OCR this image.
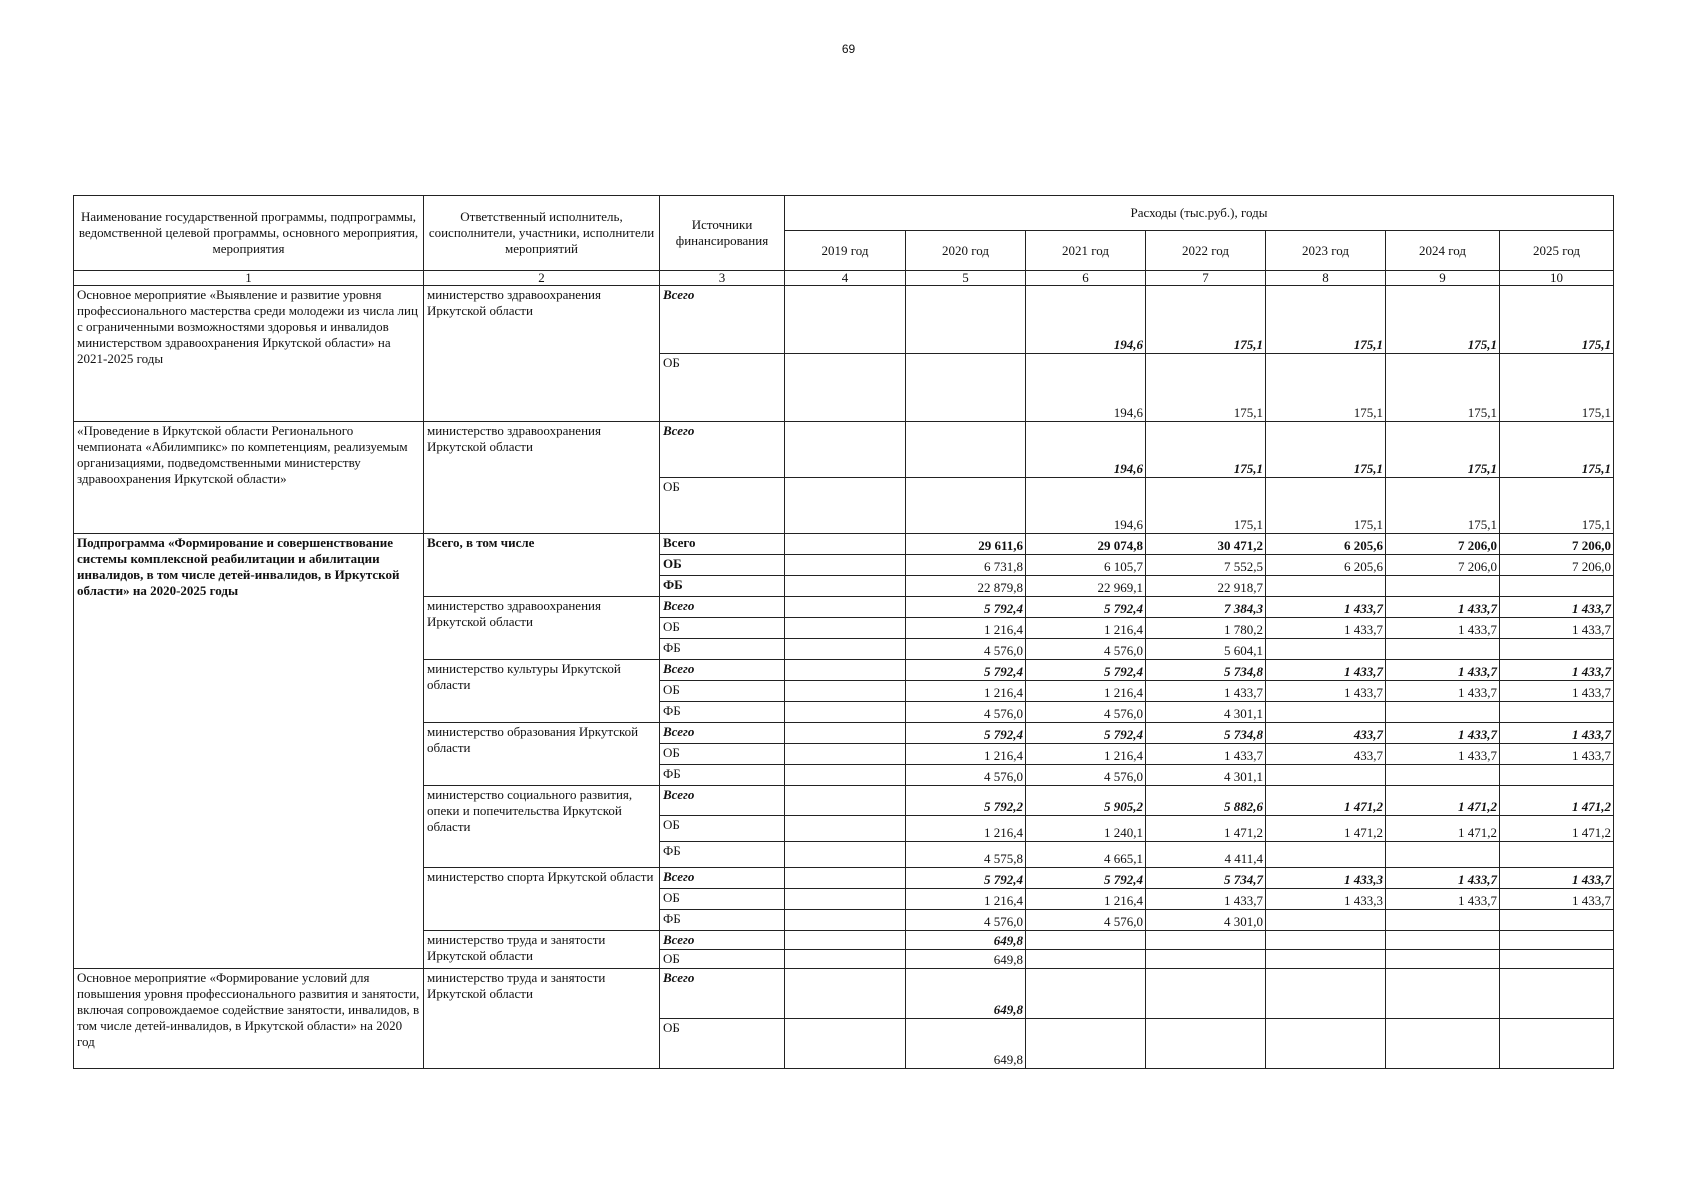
69
Наименование государственной программы, подпрограммы, ведомственной целевой программы, основного мероприятия, мероприятия	Ответственный исполнитель, соисполнители, участники, исполнители мероприятий	Источники финансирования	Расходы (тыс.руб.), годы						
			2019 год	2020 год	2021 год	2022 год	2023 год	2024 год	2025 год
1	2	3	4	5	6	7	8	9	10
Основное мероприятие «Выявление и развитие уровня профессионального мастерства среди молодежи из числа лиц с ограниченными возможностями здоровья и инвалидов министерством здравоохранения Иркутской области» на 2021-2025 годы	министерство здравоохранения Иркутской области	Всего			194,6	175,1	175,1	175,1	175,1
		ОБ			194,6	175,1	175,1	175,1	175,1
«Проведение в Иркутской области Регионального чемпионата «Абилимпикс» по компетенциям, реализуемым организациями, подведомственными министерству здравоохранения Иркутской области»	министерство здравоохранения Иркутской области	Всего			194,6	175,1	175,1	175,1	175,1
		ОБ			194,6	175,1	175,1	175,1	175,1
Подпрограмма «Формирование и совершенствование системы комплексной реабилитации и абилитации инвалидов, в том числе детей-инвалидов, в Иркутской области» на 2020-2025 годы	Всего, в том числе	Всего		29 611,6	29 074,8	30 471,2	6 205,6	7 206,0	7 206,0
		ОБ		6 731,8	6 105,7	7 552,5	6 205,6	7 206,0	7 206,0
		ФБ		22 879,8	22 969,1	22 918,7			
	министерство здравоохранения Иркутской области	Всего		5 792,4	5 792,4	7 384,3	1 433,7	1 433,7	1 433,7
		ОБ		1 216,4	1 216,4	1 780,2	1 433,7	1 433,7	1 433,7
		ФБ		4 576,0	4 576,0	5 604,1			
	министерство культуры Иркутской области	Всего		5 792,4	5 792,4	5 734,8	1 433,7	1 433,7	1 433,7
		ОБ		1 216,4	1 216,4	1 433,7	1 433,7	1 433,7	1 433,7
		ФБ		4 576,0	4 576,0	4 301,1			
	министерство образования Иркутской области	Всего		5 792,4	5 792,4	5 734,8	433,7	1 433,7	1 433,7
		ОБ		1 216,4	1 216,4	1 433,7	433,7	1 433,7	1 433,7
		ФБ		4 576,0	4 576,0	4 301,1			
	министерство социального развития, опеки и попечительства Иркутской области	Всего		5 792,2	5 905,2	5 882,6	1 471,2	1 471,2	1 471,2
		ОБ		1 216,4	1 240,1	1 471,2	1 471,2	1 471,2	1 471,2
		ФБ		4 575,8	4 665,1	4 411,4			
	министерство спорта Иркутской области	Всего		5 792,4	5 792,4	5 734,7	1 433,3	1 433,7	1 433,7
		ОБ		1 216,4	1 216,4	1 433,7	1 433,3	1 433,7	1 433,7
		ФБ		4 576,0	4 576,0	4 301,0			
	министерство труда и занятости Иркутской области	Всего		649,8					
		ОБ		649,8					
Основное мероприятие «Формирование условий для повышения уровня профессионального развития и занятости, включая сопровождаемое содействие занятости, инвалидов, в том числе детей-инвалидов, в Иркутской области» на 2020 год	министерство труда и занятости Иркутской области	Всего		649,8					
		ОБ		649,8					
